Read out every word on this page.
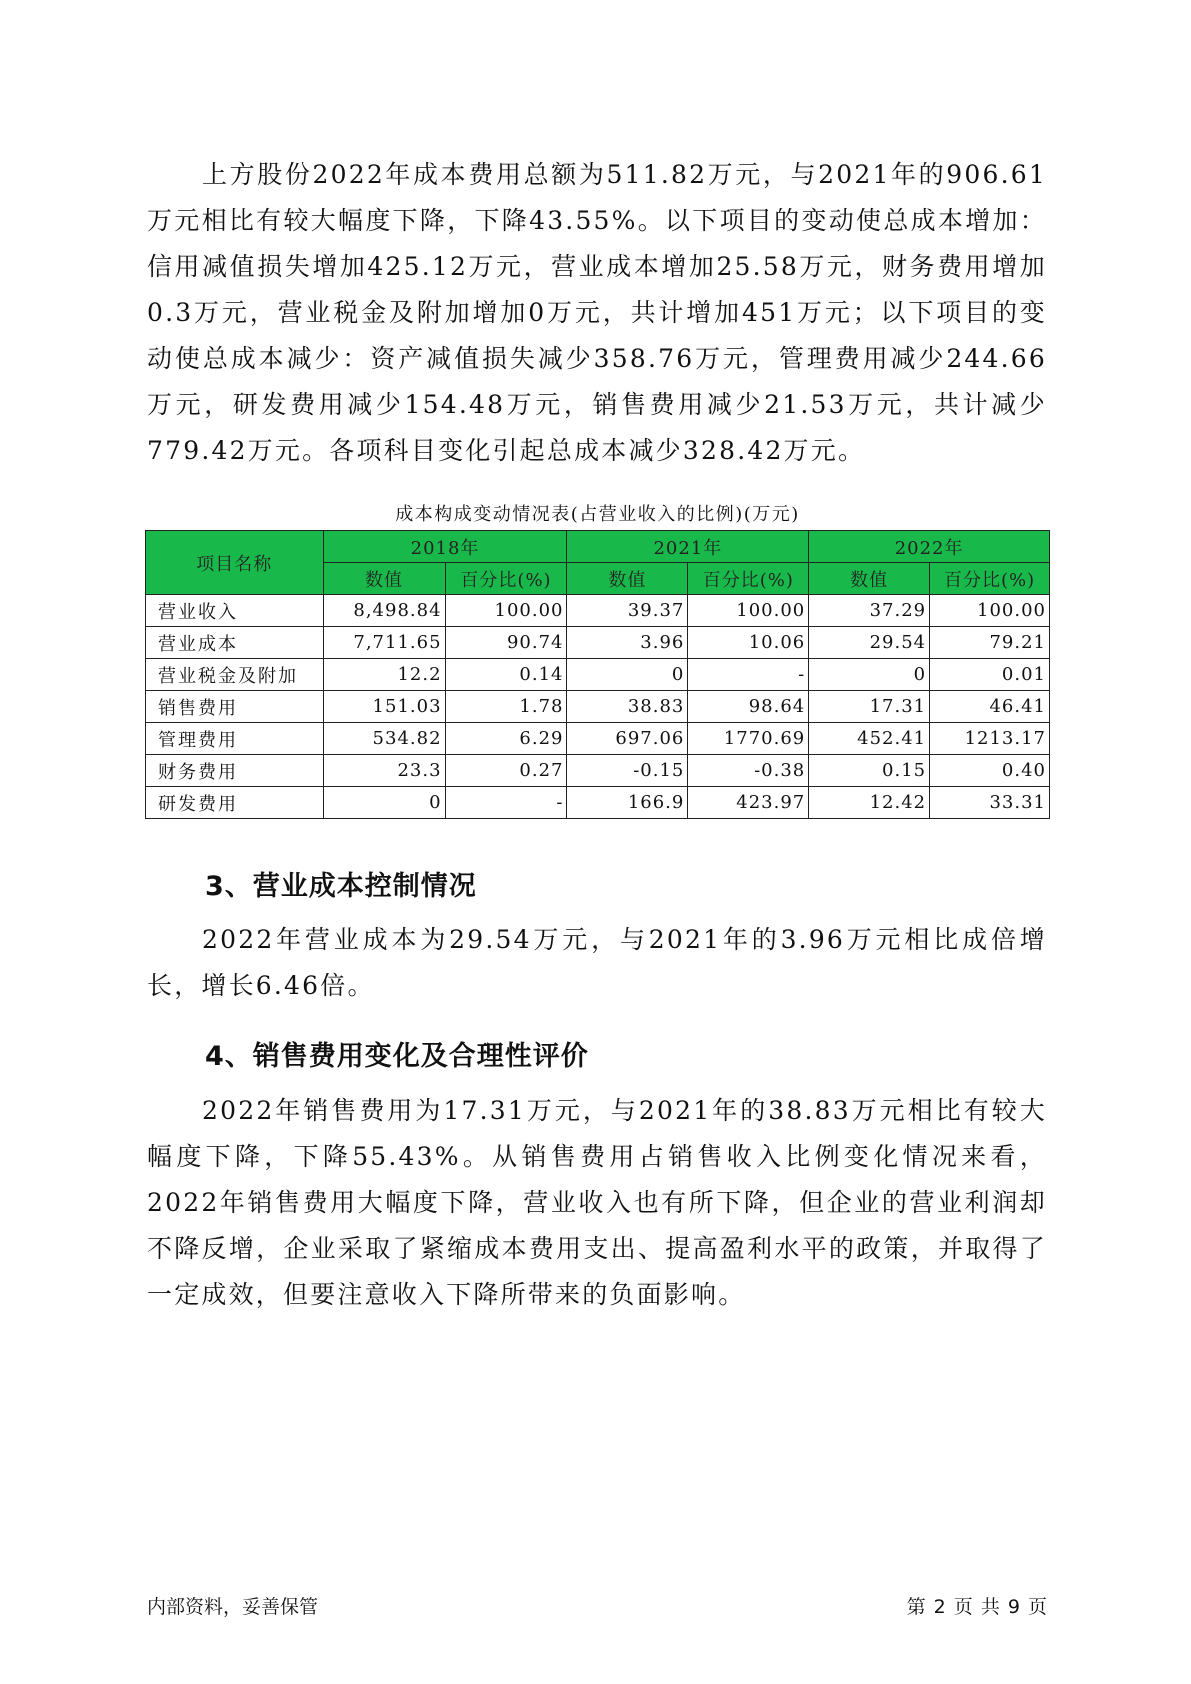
上方股份2022年成本费用总额为511.82万元，与2021年的906.61万元相比有较大幅度下降，下降43.55%。以下项目的变动使总成本增加：信用减值损失增加425.12万元，营业成本增加25.58万元，财务费用增加0.3万元，营业税金及附加增加0万元，共计增加451万元；以下项目的变动使总成本减少：资产减值损失减少358.76万元，管理费用减少244.66万元，研发费用减少154.48万元，销售费用减少21.53万元，共计减少779.42万元。各项科目变化引起总成本减少328.42万元。

成本构成变动情况表(占营业收入的比例)(万元)
项目名称	2018年		2021年		2022年	
	数值	百分比(%)	数值	百分比(%)	数值	百分比(%)
营业收入	8,498.84	100.00	39.37	100.00	37.29	100.00
营业成本	7,711.65	90.74	3.96	10.06	29.54	79.21
营业税金及附加	12.2	0.14	0	-	0	0.01
销售费用	151.03	1.78	38.83	98.64	17.31	46.41
管理费用	534.82	6.29	697.06	1770.69	452.41	1213.17
财务费用	23.3	0.27	-0.15	-0.38	0.15	0.40
研发费用	0	-	166.9	423.97	12.42	33.31
3、营业成本控制情况

2022年营业成本为29.54万元，与2021年的3.96万元相比成倍增长，增长6.46倍。

4、销售费用变化及合理性评价

2022年销售费用为17.31万元，与2021年的38.83万元相比有较大幅度下降，下降55.43%。从销售费用占销售收入比例变化情况来看，2022年销售费用大幅度下降，营业收入也有所下降，但企业的营业利润却不降反增，企业采取了紧缩成本费用支出、提高盈利水平的政策，并取得了一定成效，但要注意收入下降所带来的负面影响。

内部资料，妥善保管	第 2 页 共 9 页
